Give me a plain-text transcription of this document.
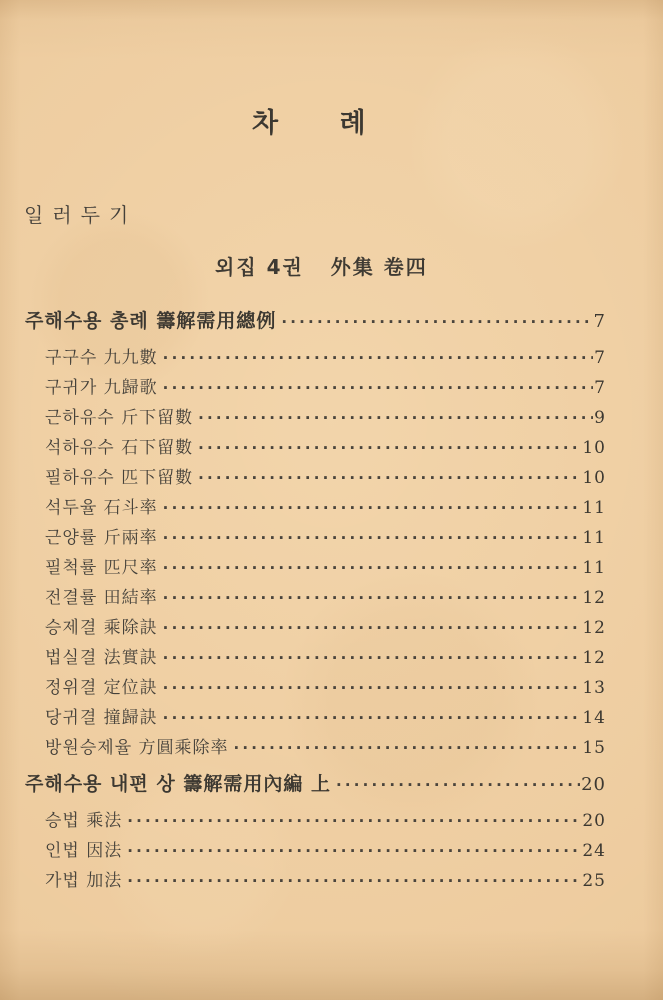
차 례
일러두기
외집 4권   外集 卷四
주해수용 총례 籌解需用總例 ·····	7
구구수 九九數 ·····	7
구귀가 九歸歌 ·····	7
근하유수 斤下留數 ·····	9
석하유수 石下留數 ·····	10
필하유수 匹下留數 ·····	10
석두율 石斗率 ·····	11
근양률 斤兩率 ·····	11
필척률 匹尺率 ·····	11
전결률 田結率 ·····	12
승제결 乘除訣 ·····	12
법실결 法實訣 ·····	12
정위결 定位訣 ·····	13
당귀결 撞歸訣 ·····	14
방원승제율 方圓乘除率 ·····	15
주해수용 내편 상 籌解需用內編 上 ·····	20
승법 乘法 ·····	20
인법 因法 ·····	24
가법 加法 ·····	25
